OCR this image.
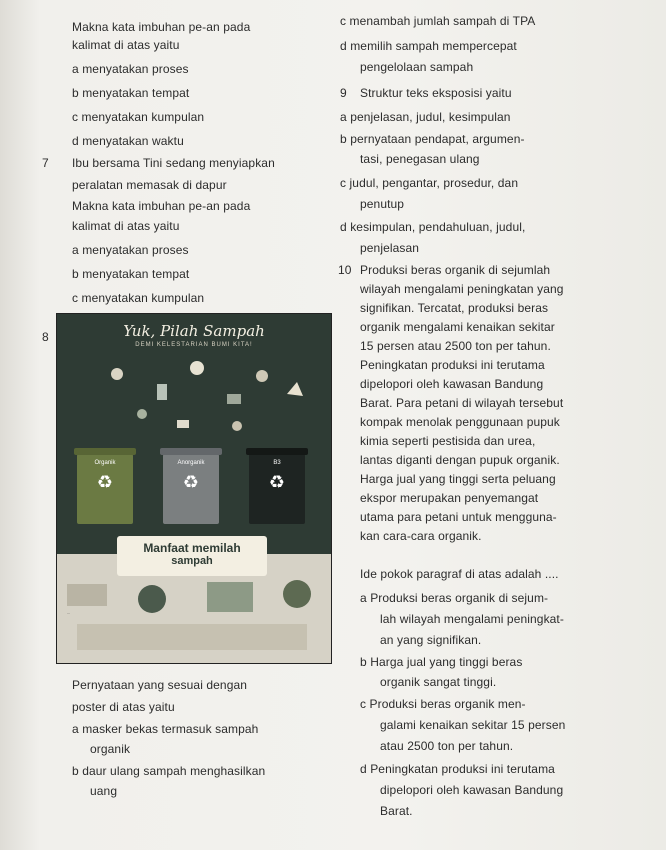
Makna kata imbuhan pe-an pada
kalimat di atas yaitu
a menyatakan proses
b menyatakan tempat
c menyatakan kumpulan
d menyatakan waktu
7 Ibu bersama Tini sedang menyiapkan
peralatan memasak di dapur
Makna kata imbuhan pe-an pada
kalimat di atas yaitu
a menyatakan proses
b menyatakan tempat
c menyatakan kumpulan
8	Yuk, Pilah Sampah
DEMI KELESTARIAN BUMI KITA!
Organik
♻
Anorganik
♻
B3
♻
...
Manfaat memilah
sampah
Pernyataan yang sesuai dengan
poster di atas yaitu
a masker bekas termasuk sampah
organik
b daur ulang sampah menghasilkan
uang
c menambah jumlah sampah di TPA
d memilih sampah mempercepat
pengelolaan sampah
9 Struktur teks eksposisi yaitu
a penjelasan, judul, kesimpulan
b pernyataan pendapat, argumen-
tasi, penegasan ulang
c judul, pengantar, prosedur, dan
penutup
d kesimpulan, pendahuluan, judul,
penjelasan
10 Produksi beras organik di sejumlah
wilayah mengalami peningkatan yang
signifikan. Tercatat, produksi beras
organik mengalami kenaikan sekitar
15 persen atau 2500 ton per tahun.
Peningkatan produksi ini terutama
dipelopori oleh kawasan Bandung
Barat. Para petani di wilayah tersebut
kompak menolak penggunaan pupuk
kimia seperti pestisida dan urea,
lantas diganti dengan pupuk organik.
Harga jual yang tinggi serta peluang
ekspor merupakan penyemangat
utama para petani untuk mengguna-
kan cara-cara organik.
Ide pokok paragraf di atas adalah ....
a Produksi beras organik di sejum-
lah wilayah mengalami peningkat-
an yang signifikan.
b Harga jual yang tinggi beras
organik sangat tinggi.
c Produksi beras organik men-
galami kenaikan sekitar 15 persen
atau 2500 ton per tahun.
d Peningkatan produksi ini terutama
dipelopori oleh kawasan Bandung
Barat.
